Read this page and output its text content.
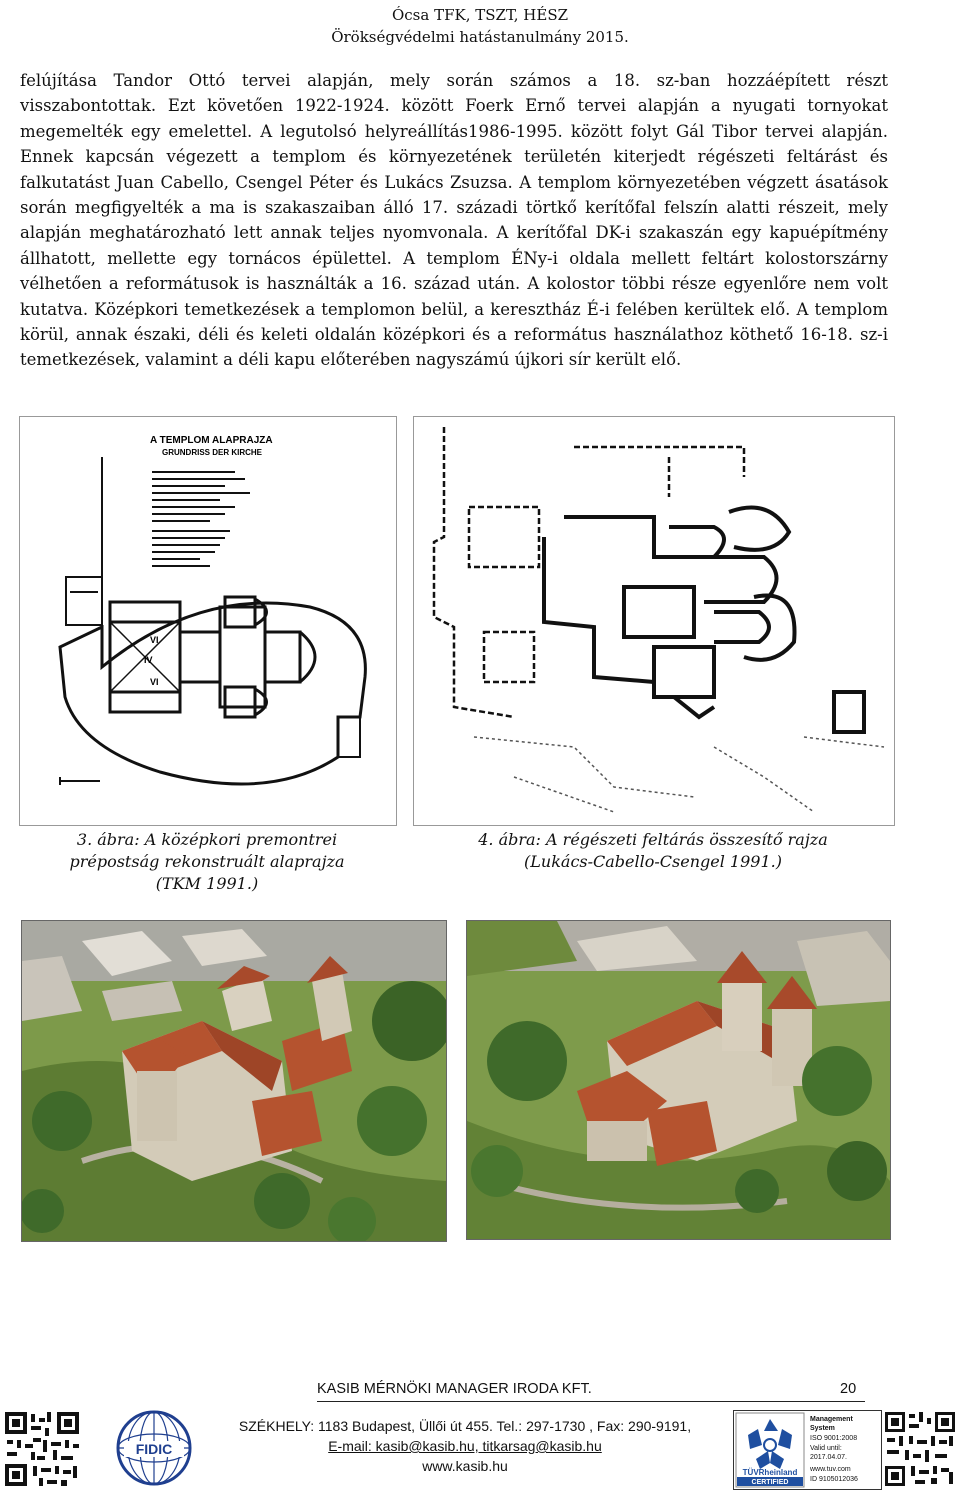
Ócsa TFK, TSZT, HÉSZ
Örökségvédelmi hatástanulmány 2015.

felújítása Tandor Ottó tervei alapján, mely során számos a 18. sz-ban hozzáépített részt visszabontottak. Ezt követően 1922-1924. között Foerk Ernő tervei alapján a nyugati tornyokat megemelték egy emelettel. A legutolsó helyreállítás1986-1995. között folyt Gál Tibor tervei alapján. Ennek kapcsán végezett a templom és környezetének területén kiterjedt régészeti feltárást és falkutatást Juan Cabello, Csengel Péter és Lukács Zsuzsa. A templom környezetében végzett ásatások során megfigyelték a ma is szakaszaiban álló 17. századi törtkő kerítőfal felszín alatti részeit, mely alapján meghatározható lett annak teljes nyomvonala. A kerítőfal DK-i szakaszán egy kapuépítmény állhatott, mellette egy tornácos épülettel. A templom ÉNy-i oldala mellett feltárt kolostorszárny vélhetően a reformátusok is használták a 16. század után. A kolostor többi része egyenlőre nem volt kutatva. Középkori temetkezések a templomon belül, a keresztház É-i felében kerültek elő. A templom körül, annak északi, déli és keleti oldalán középkori és a református használathoz köthető 16-18. sz-i temetkezések, valamint a déli kapu előterében nagyszámú újkori sír került elő.

A TEMPLOM ALAPRAJZA
GRUNDRISS DER KIRCHE
VI
IV
VI
3. ábra: A középkori premontrei
prépostság rekonstruált alaprajza
(TKM 1991.)
4. ábra: A régészeti feltárás összesítő rajza
(Lukács-Cabello-Csengel 1991.)
KASIB MÉRNÖKI MANAGER IRODA KFT.	20
SZÉKHELY: 1183 Budapest, Üllői út 455. Tel.: 297-1730 , Fax: 290-9191,
E-mail: kasib@kasib.hu, titkarsag@kasib.hu
www.kasib.hu
FIDIC
TÜVRheinland
CERTIFIED
Management
System
ISO 9001:2008
Valid until:
2017.04.07.
www.tuv.com
ID 9105012036
